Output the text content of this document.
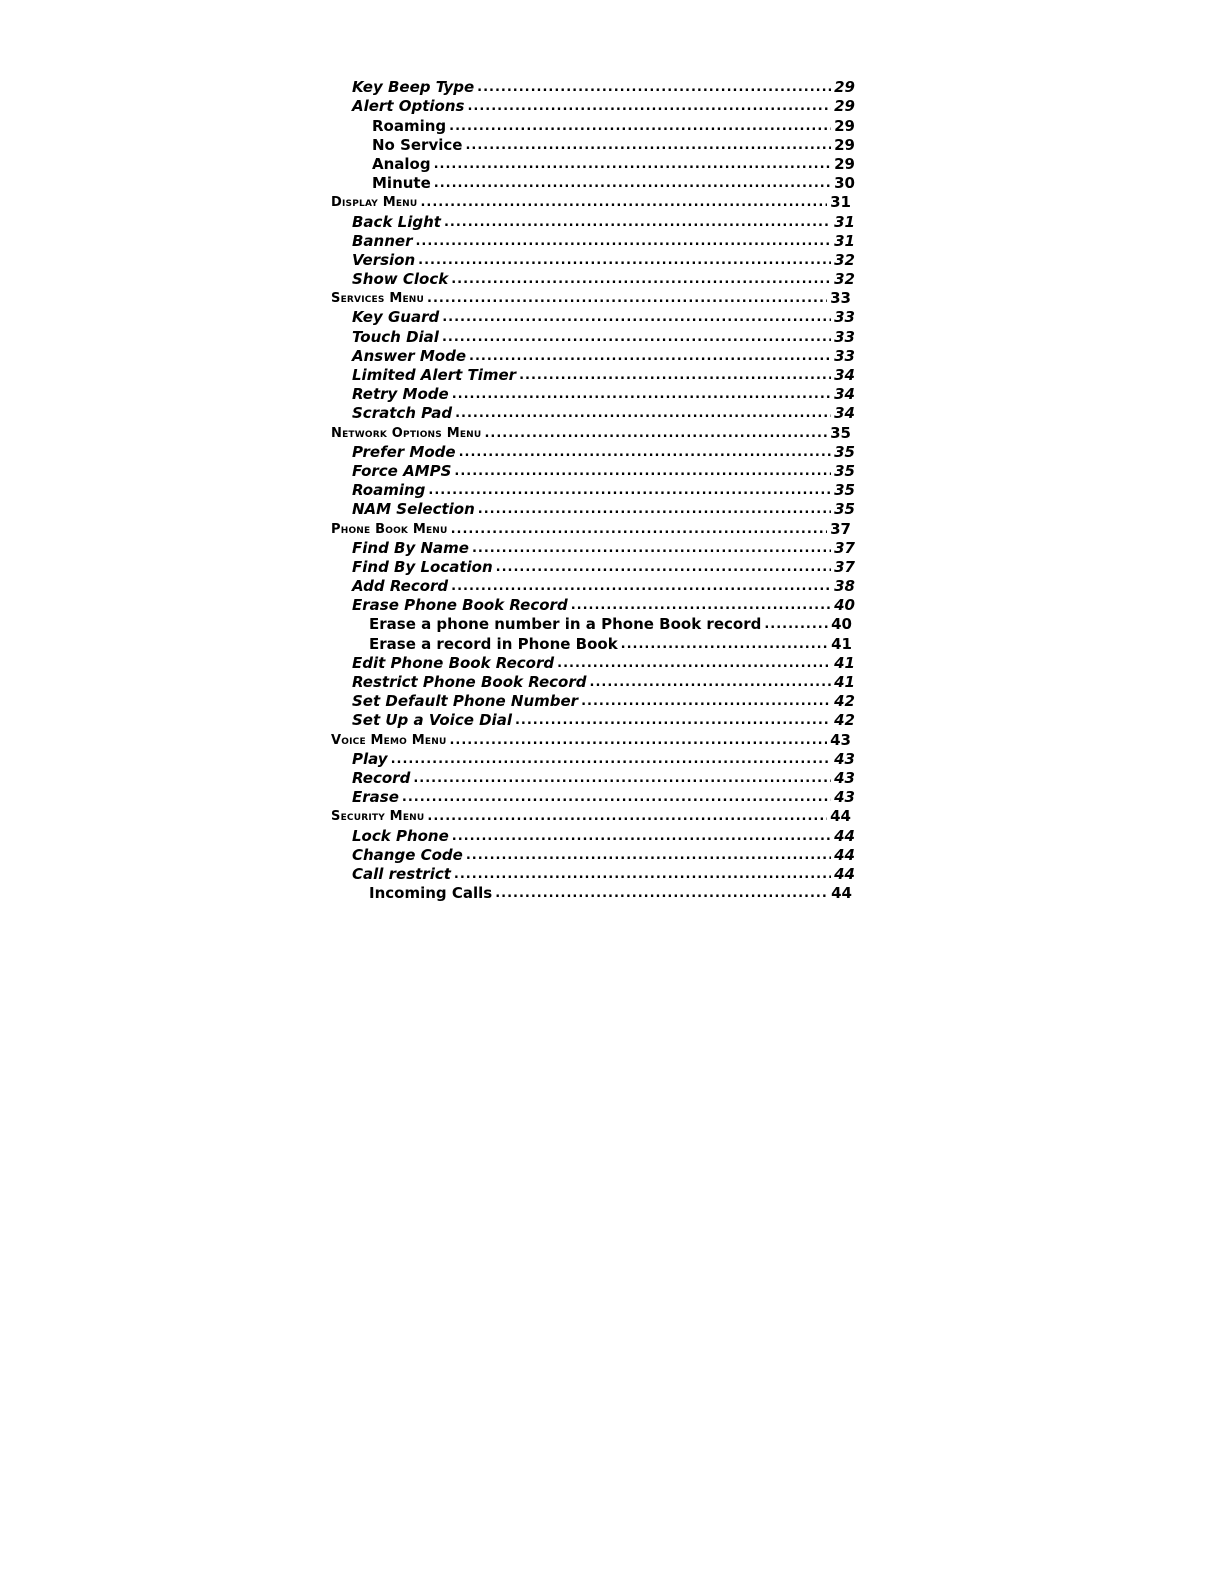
Key Beep Type .....	29
Alert Options .....	29
Roaming .....	29
No Service .....	29
Analog .....	29
Minute .....	30
Display Menu .....	31
Back Light .....	31
Banner .....	31
Version .....	32
Show Clock .....	32
Services Menu .....	33
Key Guard .....	33
Touch Dial .....	33
Answer Mode .....	33
Limited Alert Timer .....	34
Retry Mode .....	34
Scratch Pad .....	34
Network Options Menu .....	35
Prefer Mode .....	35
Force AMPS .....	35
Roaming .....	35
NAM Selection .....	35
Phone Book Menu .....	37
Find By Name .....	37
Find By Location .....	37
Add Record .....	38
Erase Phone Book Record .....	40
Erase a phone number in a Phone Book record .....	40
Erase a record in Phone Book .....	41
Edit Phone Book Record .....	41
Restrict Phone Book Record .....	41
Set Default Phone Number .....	42
Set Up a Voice Dial .....	42
Voice Memo Menu .....	43
Play .....	43
Record .....	43
Erase .....	43
Security Menu .....	44
Lock Phone .....	44
Change Code .....	44
Call restrict .....	44
Incoming Calls .....	44
